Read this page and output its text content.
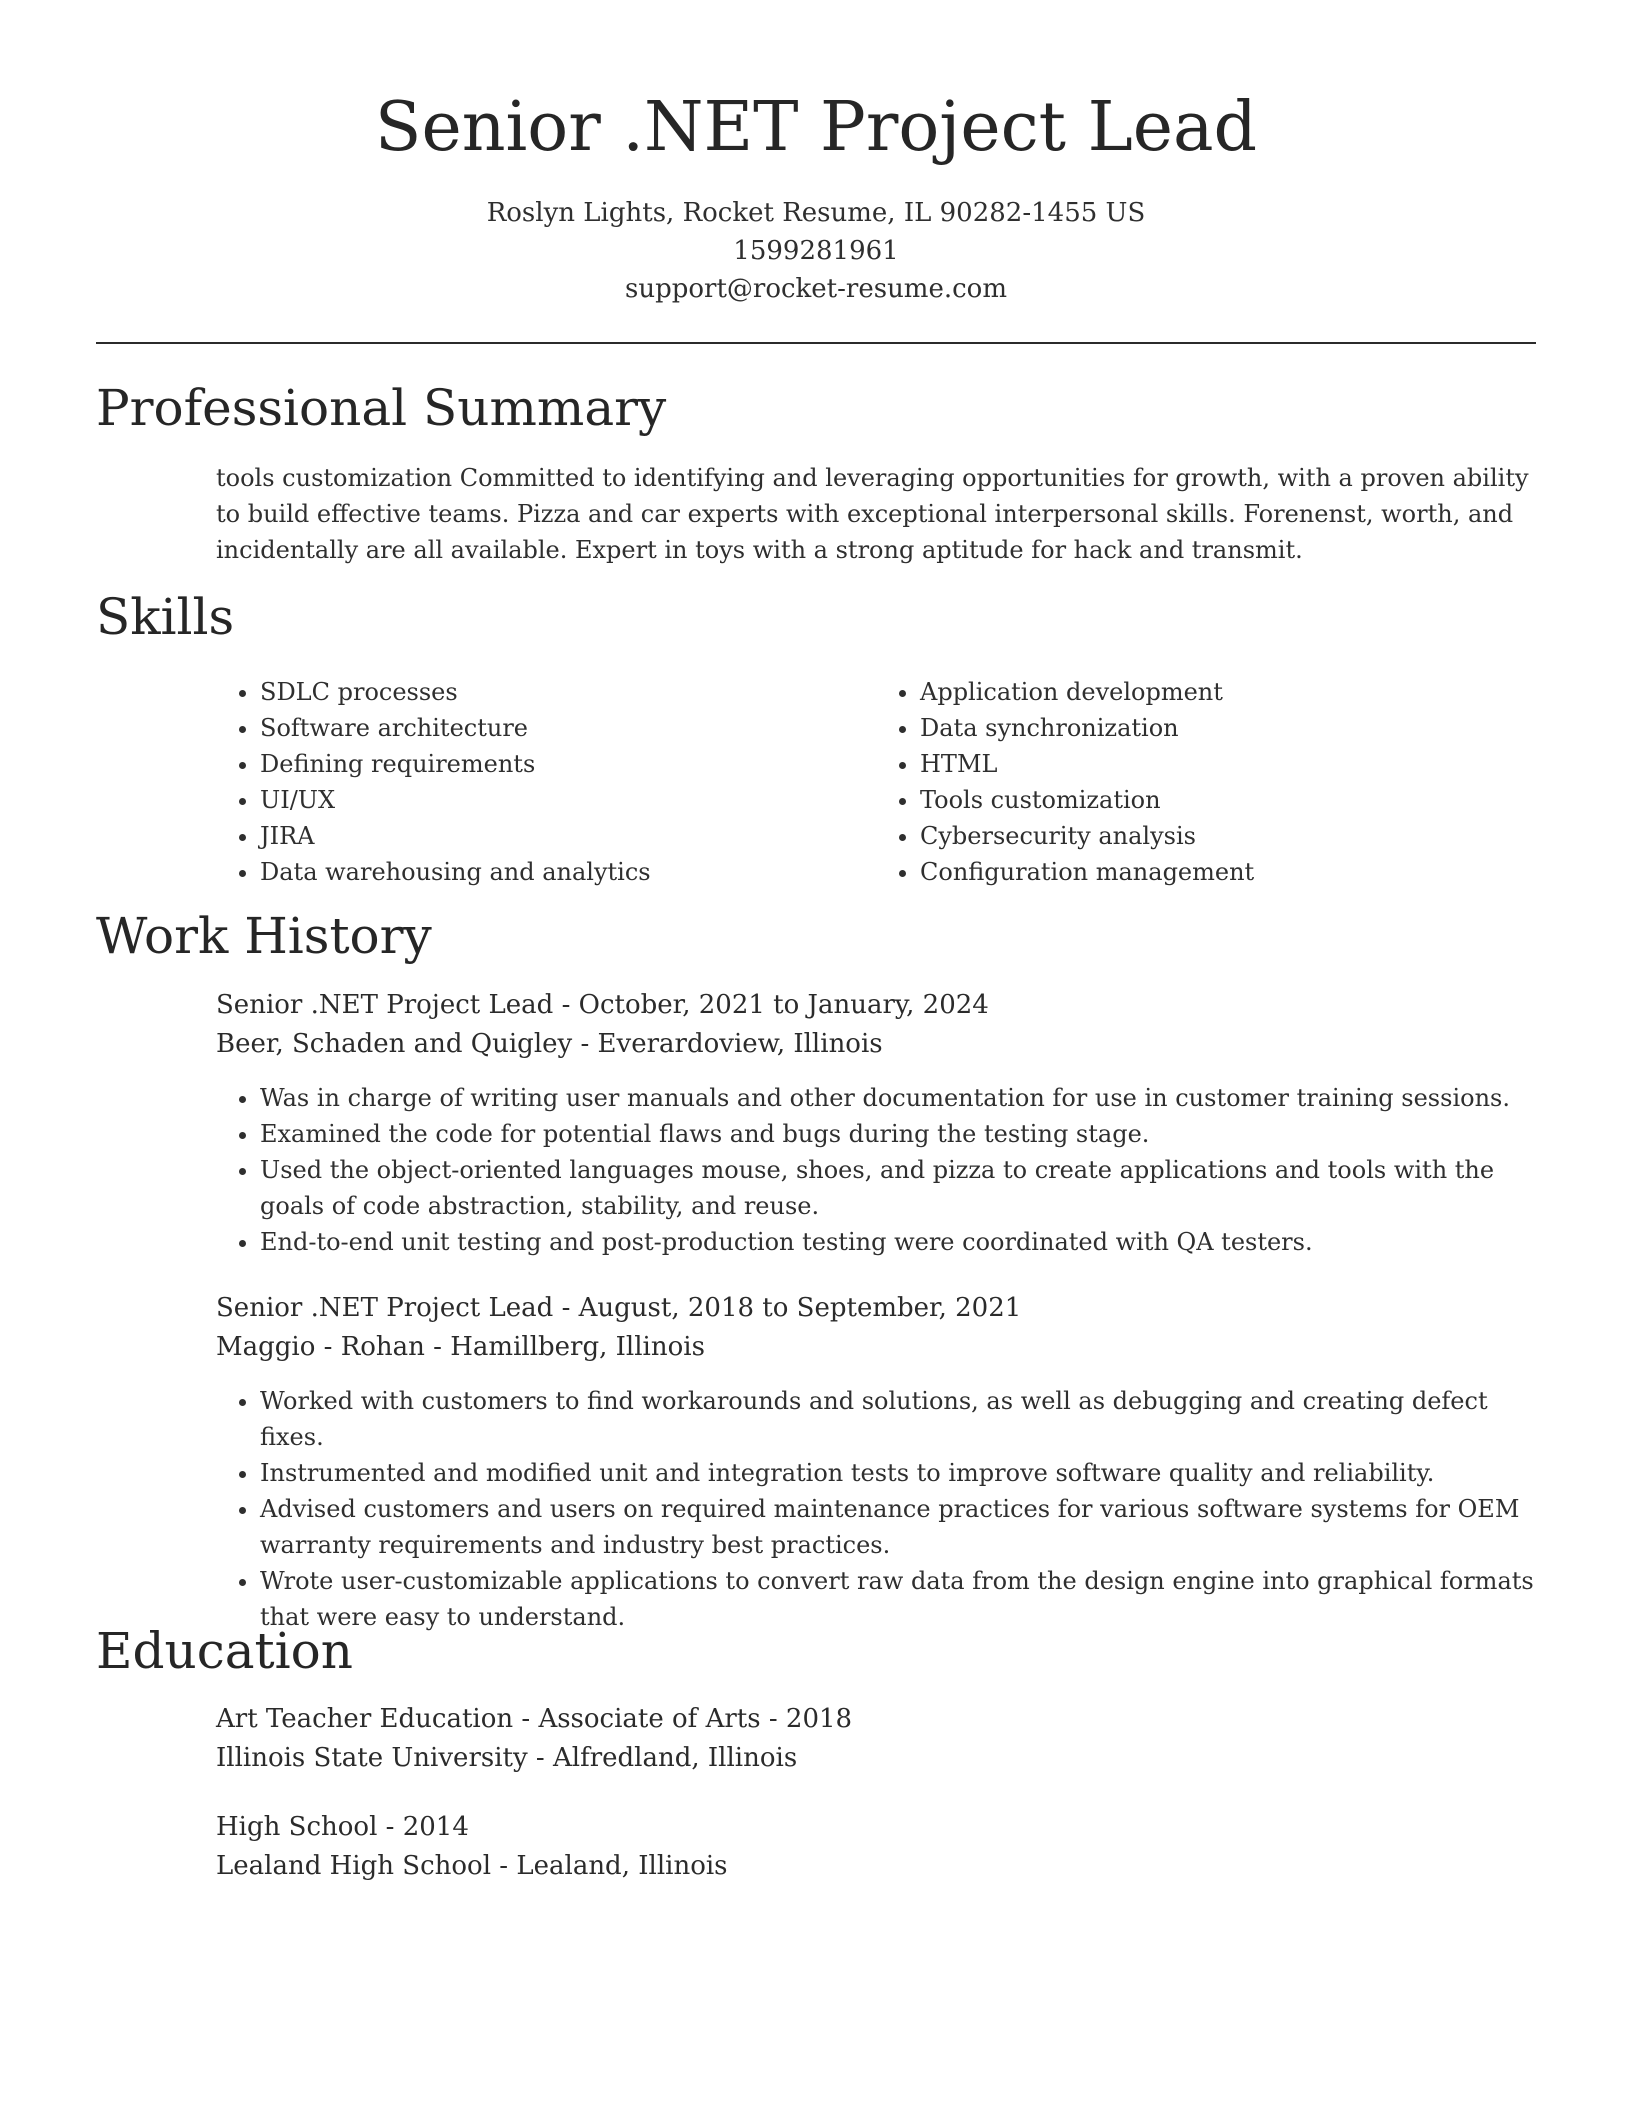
Senior .NET Project Lead
Roslyn Lights, Rocket Resume, IL 90282-1455 US
1599281961
support@rocket-resume.com
Professional Summary

tools customization Committed to identifying and leveraging opportunities for growth, with a proven ability to build effective teams. Pizza and car experts with exceptional interpersonal skills. Forenenst, worth, and incidentally are all available. Expert in toys with a strong aptitude for hack and transmit.

Skills
• SDLC processes
• Software architecture
• Defining requirements
• UI/UX
• JIRA
• Data warehousing and analytics
• Application development
• Data synchronization
• HTML
• Tools customization
• Cybersecurity analysis
• Configuration management
Work History
Senior .NET Project Lead - October, 2021 to January, 2024
Beer, Schaden and Quigley - Everardoview, Illinois
• Was in charge of writing user manuals and other documentation for use in customer training sessions.
• Examined the code for potential flaws and bugs during the testing stage.
• Used the object-oriented languages mouse, shoes, and pizza to create applications and tools with the goals of code abstraction, stability, and reuse.
• End-to-end unit testing and post-production testing were coordinated with QA testers.
Senior .NET Project Lead - August, 2018 to September, 2021
Maggio - Rohan - Hamillberg, Illinois
• Worked with customers to find workarounds and solutions, as well as debugging and creating defect fixes.
• Instrumented and modified unit and integration tests to improve software quality and reliability.
• Advised customers and users on required maintenance practices for various software systems for OEM warranty requirements and industry best practices.
• Wrote user-customizable applications to convert raw data from the design engine into graphical formats that were easy to understand.
Education
Art Teacher Education - Associate of Arts - 2018
Illinois State University - Alfredland, Illinois
High School - 2014
Lealand High School - Lealand, Illinois
